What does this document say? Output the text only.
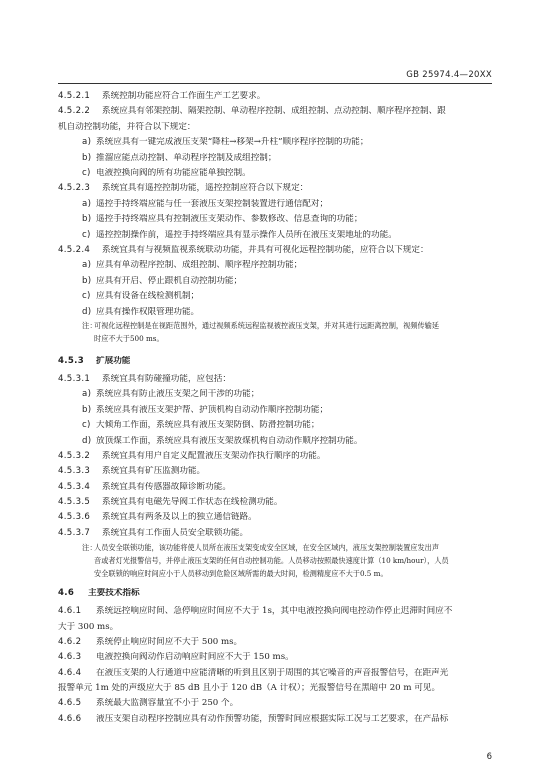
GB 25974.4—20XX
4.5.2.1 系统控制功能应符合工作面生产工艺要求。
4.5.2.2 系统应具有邻架控制、隔架控制、单动程序控制、成组控制、点动控制、顺序程序控制、跟
机自动控制功能，并符合以下规定：
a) 系统应具有一键完成液压支架“降柱→移架→升柱”顺序程序控制的功能；
b) 推溜应能点动控制、单动程序控制及成组控制；
c) 电液控换向阀的所有功能应能单独控制。
4.5.2.3 系统宜具有遥控控制功能，遥控控制应符合以下规定：
a) 遥控手持终端应能与任一套液压支架控制装置进行通信配对；
b) 遥控手持终端应具有控制液压支架动作、参数修改、信息查询的功能；
c) 遥控控制操作前，遥控手持终端应具有显示操作人员所在液压支架地址的功能。
4.5.2.4 系统宜具有与视频监视系统联动功能，并具有可视化远程控制功能，应符合以下规定：
a) 应具有单动程序控制、成组控制、顺序程序控制功能；
b) 应具有开启、停止跟机自动控制功能；
c) 应具有设备在线检测机制；
d) 应具有操作权限管理功能。
注：可视化远程控制是在视距范围外，通过视频系统远程监视被控液压支架，并对其进行远距离控制，视频传输延
时应不大于500 ms。
4.5.3 扩展功能
4.5.3.1 系统宜具有防碰撞功能，应包括：
a) 系统应具有防止液压支架之间干涉的功能；
b) 系统应具有液压支架护帮、护顶机构自动动作顺序控制功能；
c) 大倾角工作面，系统应具有液压支架防倒、防滑控制功能；
d) 放顶煤工作面，系统应具有液压支架放煤机构自动动作顺序控制功能。
4.5.3.2 系统宜具有用户自定义配置液压支架动作执行顺序的功能。
4.5.3.3 系统宜具有矿压监测功能。
4.5.3.4 系统宜具有传感器故障诊断功能。
4.5.3.5 系统宜具有电磁先导阀工作状态在线检测功能。
4.5.3.6 系统宜具有两条及以上的独立通信链路。
4.5.3.7 系统宜具有工作面人员安全联锁功能。
注：人员安全联锁功能，该功能将使人员所在液压支架变成安全区域，在安全区域内，液压支架控制装置应发出声
音或者灯光报警信号，并停止液压支架的任何自动控制功能。人员移动按照最快速度计算（10 km/hour），人员
安全联锁的响应时间应小于人员移动到危险区域所需的最大时间，检测精度应不大于0.5 m。
4.6 主要技术指标
4.6.1 系统远控响应时间、急停响应时间应不大于 1s，其中电液控换向阀电控动作停止迟滞时间应不
大于 300 ms。
4.6.2 系统停止响应时间应不大于 500 ms。
4.6.3 电液控换向阀动作启动响应时间应不大于 150 ms。
4.6.4 在液压支架的人行通道中应能清晰的听到且区别于周围的其它噪音的声音报警信号，在距声光
报警单元 1m 处的声级应大于 85 dB 且小于 120 dB（A 计权）；光报警信号在黑暗中 20 m 可见。
4.6.5 系统最大监测容量宜不小于 250 个。
4.6.6 液压支架自动程序控制应具有动作预警功能，预警时间应根据实际工况与工艺要求，在产品标
6
